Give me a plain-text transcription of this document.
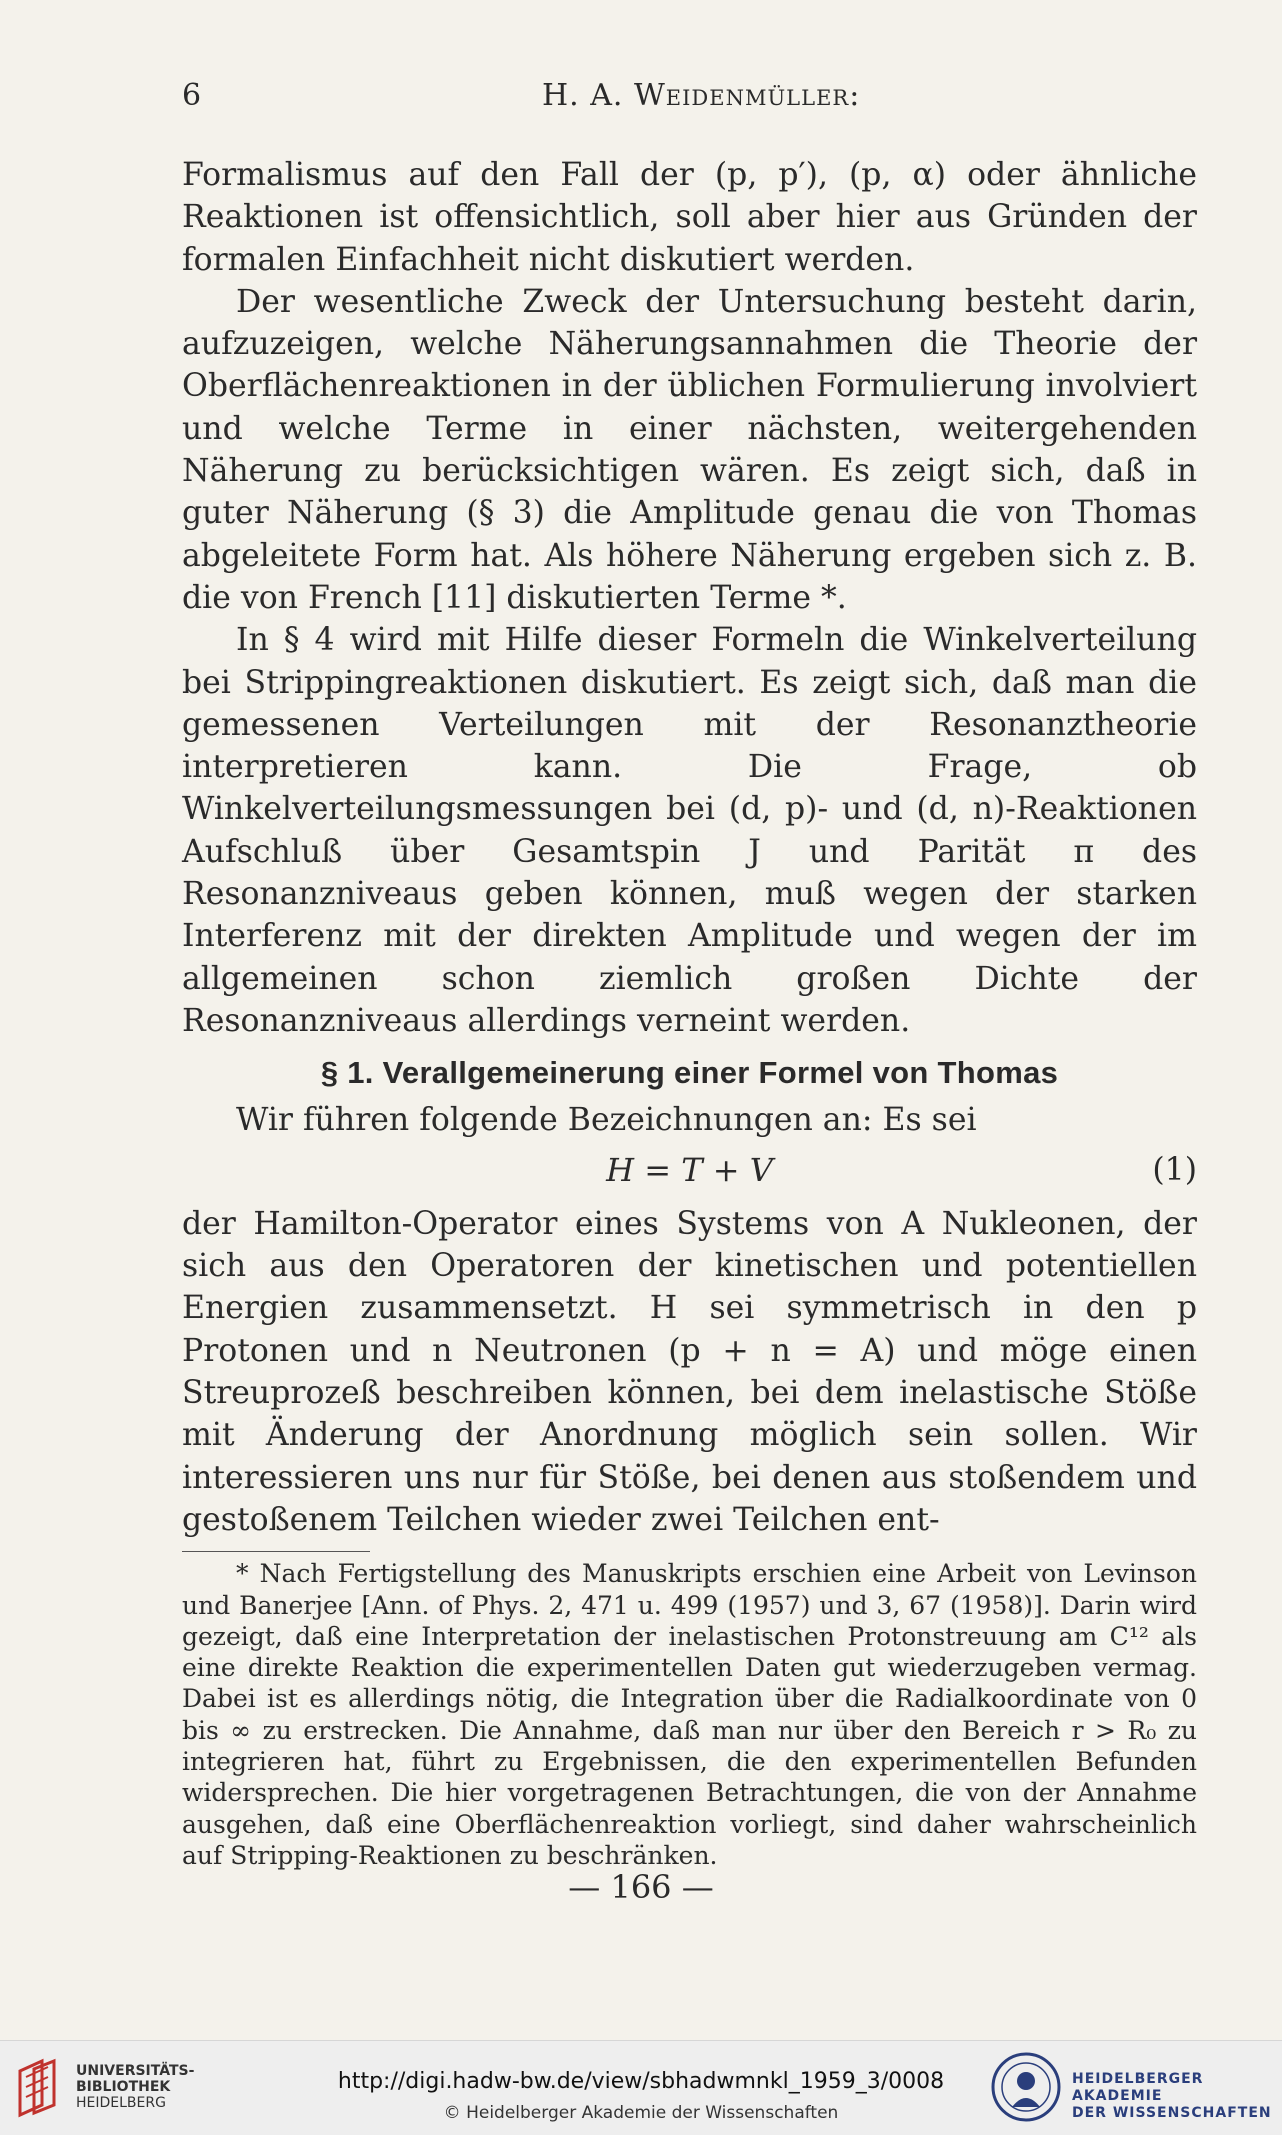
6	H. A. Weidenmüller:

Formalismus auf den Fall der (p, p′), (p, α) oder ähnliche Reaktionen ist offensichtlich, soll aber hier aus Gründen der formalen Einfachheit nicht diskutiert werden.

Der wesentliche Zweck der Untersuchung besteht darin, aufzuzeigen, welche Näherungsannahmen die Theorie der Oberflächenreaktionen in der üblichen Formulierung involviert und welche Terme in einer nächsten, weitergehenden Näherung zu berücksichtigen wären. Es zeigt sich, daß in guter Näherung (§ 3) die Amplitude genau die von Thomas abgeleitete Form hat. Als höhere Näherung ergeben sich z. B. die von French [11] diskutierten Terme *.

In § 4 wird mit Hilfe dieser Formeln die Winkelverteilung bei Strippingreaktionen diskutiert. Es zeigt sich, daß man die gemessenen Verteilungen mit der Resonanztheorie interpretieren kann. Die Frage, ob Winkelverteilungsmessungen bei (d, p)- und (d, n)-Reaktionen Aufschluß über Gesamtspin J und Parität π des Resonanzniveaus geben können, muß wegen der starken Interferenz mit der direkten Amplitude und wegen der im allgemeinen schon ziemlich großen Dichte der Resonanzniveaus allerdings verneint werden.

§ 1. Verallgemeinerung einer Formel von Thomas

Wir führen folgende Bezeichnungen an: Es sei

H = T + V	(1)

der Hamilton-Operator eines Systems von A Nukleonen, der sich aus den Operatoren der kinetischen und potentiellen Energien zusammensetzt. H sei symmetrisch in den p Protonen und n Neutronen (p + n = A) und möge einen Streuprozeß beschreiben können, bei dem inelastische Stöße mit Änderung der Anordnung möglich sein sollen. Wir interessieren uns nur für Stöße, bei denen aus stoßendem und gestoßenem Teilchen wieder zwei Teilchen ent-

* Nach Fertigstellung des Manuskripts erschien eine Arbeit von Levinson und Banerjee [Ann. of Phys. 2, 471 u. 499 (1957) und 3, 67 (1958)]. Darin wird gezeigt, daß eine Interpretation der inelastischen Protonstreuung am C¹² als eine direkte Reaktion die experimentellen Daten gut wiederzugeben vermag. Dabei ist es allerdings nötig, die Integration über die Radialkoordinate von 0 bis ∞ zu erstrecken. Die Annahme, daß man nur über den Bereich r > R₀ zu integrieren hat, führt zu Ergebnissen, die den experimentellen Befunden widersprechen. Die hier vorgetragenen Betrachtungen, die von der Annahme ausgehen, daß eine Oberflächenreaktion vorliegt, sind daher wahrscheinlich auf Stripping-Reaktionen zu beschränken.

— 166 —
UNIVERSITÄTS-
BIBLIOTHEK
HEIDELBERG
http://digi.hadw-bw.de/view/sbhadwmnkl_1959_3/0008
© Heidelberger Akademie der Wissenschaften
HEIDELBERGER AKADEMIE
DER WISSENSCHAFTEN
